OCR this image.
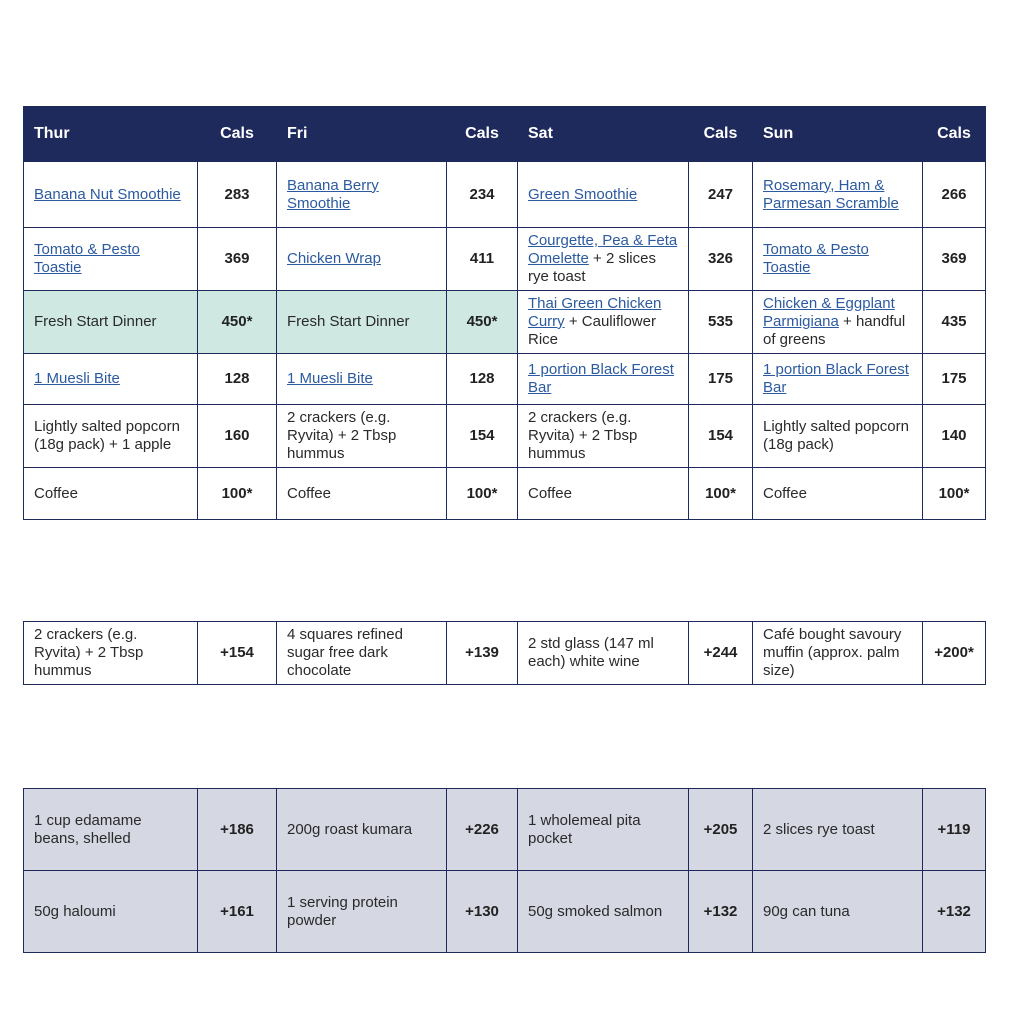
Thur	Cals	Fri	Cals	Sat	Cals	Sun	Cals
Banana Nut Smoothie	283	Banana Berry Smoothie	234	Green Smoothie	247	Rosemary, Ham & Parmesan Scramble	266
Tomato & Pesto Toastie	369	Chicken Wrap	411	Courgette, Pea & Feta Omelette + 2 slices rye toast	326	Tomato & Pesto Toastie	369
Fresh Start Dinner	450*	Fresh Start Dinner	450*	Thai Green Chicken Curry + Cauliflower Rice	535	Chicken & Eggplant Parmigiana + handful of greens	435
1 Muesli Bite	128	1 Muesli Bite	128	1 portion Black Forest Bar	175	1 portion Black Forest Bar	175
Lightly salted popcorn (18g pack) + 1 apple	160	2 crackers (e.g. Ryvita) + 2 Tbsp hummus	154	2 crackers (e.g. Ryvita) + 2 Tbsp hummus	154	Lightly salted popcorn (18g pack)	140
Coffee	100*	Coffee	100*	Coffee	100*	Coffee	100*
2 crackers (e.g. Ryvita) + 2 Tbsp hummus	+154	4 squares refined sugar free dark chocolate	+139	2 std glass (147 ml each) white wine	+244	Café bought savoury muffin (approx. palm size)	+200*
1 cup edamame beans, shelled	+186	200g roast kumara	+226	1 wholemeal pita pocket	+205	2 slices rye toast	+119
50g haloumi	+161	1 serving protein powder	+130	50g smoked salmon	+132	90g can tuna	+132
